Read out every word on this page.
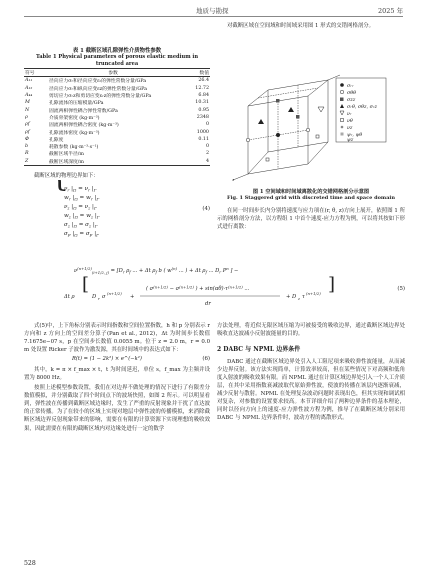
地质与勘探	2025 年
表 1 截断区域孔隙弹性介质物性参数
Table 1 Physical parameters of porous elastic medium in truncated area
符号	参数	数值
A₁₁	径向应力σᵣ和径向应变εᵣ的弹性常数分量/GPa	26.4
A₁₂	径向应力σᵣ和纵向应变εz的弹性常数分量/GPa	12.72
A₄₄	剪切应力σᵣz和剪切应变εᵣz的弹性常数分量/GPa	6.84
M	孔隙流体的压缩模量/GPa	10.31
N	固流两相弹性耦合弹性常数/GPa	0.95
ρ	介质骨架密度 (kg·m⁻³)	2348
ρf	固流两相弹性耦合密度 (kg·m⁻³)	0
ρf	孔隙流体密度 (kg·m⁻³)	1000
Φ	孔隙度	0.11
b	耗散参数 (kg·m⁻³·s⁻¹)	0
R	截断区域半径/m	2
Z	截断区域深度/m	4
截断区域的物理边界如下：
$\nu_r$ $|_\Omega = \nu_r$ $|_\Gamma$
$w_r$ $|_\Omega = w_r$ $|_\Gamma$
$\nu_z$ $|_\Omega = \nu_z$ $|_\Gamma$
$w_z$ $|_\Omega = w_z$ $|_\Gamma$
$\sigma_z$ $|_\Omega = \sigma_z$ $|_\Gamma$
$\sigma_F$ $|_\Omega = \sigma_F$ $|_\Gamma$
(4)
式(5)中，上下角标分别表示时间指数和空间位置指数，h 和 p 分别表示 r 方向和 z 方向上的空间差分算子(Pan et al., 2012)，Δt 为时间步长数值 7.1675e−07 s，p 在空间步长数值 0.0055 m。位于 z = 2.0 m，r = 0.0 m 处设置 Ricker 子波作为激发源，其在时间域中的表达式如下：
R(t) = (1 − 2k²) × e^(−k²)	(6)
其中，k = π × f_max × t，t 为时间延迟，单位 s，f_max 为主频并设置为 8000 Hz。
按照上述模型参数设置，我们在对边界不做处理的情况下进行了有限差分数值模拟，并分别截取了四个时间点下的波场快照，如图 2 所示。可以明显看到，弹性波在传播到截断区域边缘时，发生了严重的反射现象并干扰了直达波的正常传播。为了在较小的区域上实现对地层中弹性波的传播模拟，来消除截断区域边界反射现象带来的影响，需要在有限的计算资源下实现理想的吸收效果，因此需要在有限的截断区域内对边缘处进行一定的数学
对截断区域在空间域和时间域采用图 1 形式的交错网格剖分。
σᵣᵣ
σθθ
σzz
σᵣθ, σθz, σᵣz
νᵣ
νθ
νz
ψᵣ, ψθ
ψz
图 1 空间域和时间域离散化的交错网格剖分示意图
Fig. 1 Staggered grid with discreted time and space domain
在同一时间步长内分别将速度与应力项在(r, θ, z)方向上展开，依照图 1 所示的网格剖分方法，以方程组 1 中首个速度-应力方程为例，可以将其按如下形式进行离散：
$\nu^{(n+1/2)}_{(i+1/2, j)} = [D_r$ $\rho_f$ ... + Δt $\rho_f$ b ( $w^{(n)}$ ... ) + Δt $\rho_f$ ... $D_r$ $P^n$ ] −
Δt ρ
[
D r σ
(n+1/2)
+
( $\sigma^{(n+1/2)} - \sigma^{(n+1/2)}$ ) + $\sin(\alpha\theta)\cdot\tau^{(n+1/2)}$ ...
dr
+ D z τ
(n+1/2) ]	(5)
方法处理，将近似无限区域压缩为可被接受的吸收边界，通过截断区域边界处吸收直达波减小反射波能量的目的。
2 DABC 与 NPML 边界条件
DABC 通过在截断区域边界处引入人工阻尼项来吸收弹性波能量，从而减少边界反射。该方法实现简单，计算效率较高，但在某些情况下对高频和低角度入射波的吸收效果有限。而 NPML 通过在计算区域边界处引入一个人工介质层，在其中采用指数衰减波取代原始弹性波，使波的传播在该层内逐渐衰减，减少反射与散射。NPML 在处理复杂波动问题时表现出色，但其实现和调试相对复杂，对参数的设置要求较高。本节详细介绍了两种边界条件的基本理论，同时以径向方向上的速度-应力弹性波方程为例，推导了在截断区域分别采用 DABC 与 NPML 边界条件时，波动方程的离散形式。
528
